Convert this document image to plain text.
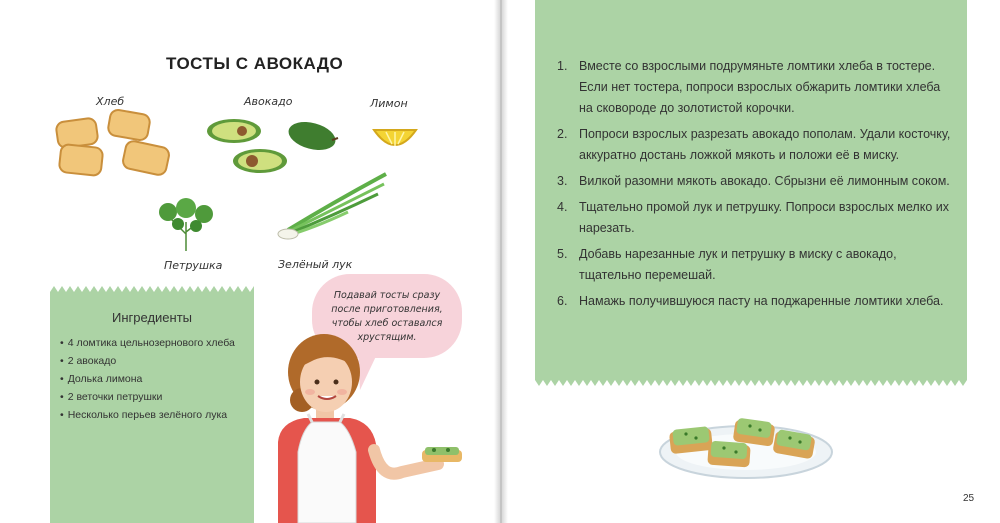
ТОСТЫ С АВОКАДО
Хлеб	Авокадо	Лимон
Петрушка	Зелёный лук
Ингредиенты
• 4 ломтика цельнозернового хлеба
• 2 авокадо
• Долька лимона
• 2 веточки петрушки
• Несколько перьев зелёного лука
Подавай тосты сразу после приготовления, чтобы хлеб оставался хрустящим.
1. Вместе со взрослыми подрумяньте ломтики хлеба в тостере. Если нет тостера, попроси взрослых обжарить ломтики хлеба на сковороде до золотистой корочки.
2. Попроси взрослых разрезать авокадо пополам. Удали косточку, аккуратно достань ложкой мякоть и положи её в миску.
3. Вилкой разомни мякоть авокадо. Сбрызни её лимонным соком.
4. Тщательно промой лук и петрушку. Попроси взрослых мелко их нарезать.
5. Добавь нарезанные лук и петрушку в миску с авокадо, тщательно перемешай.
6. Намажь получившуюся пасту на поджаренные ломтики хлеба.
25
